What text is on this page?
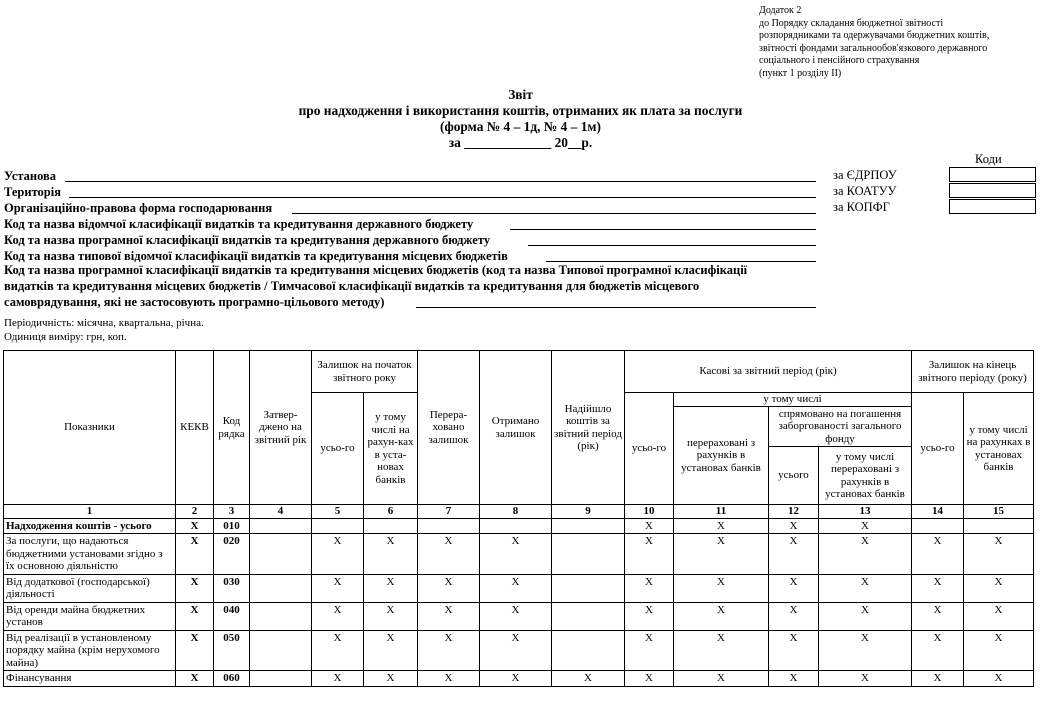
Додаток 2
до Порядку складання бюджетної звітності
розпорядниками та одержувачами бюджетних коштів,
звітності фондами загальнообов'язкового державного
соціального і пенсійного страхування
(пункт 1 розділу ІІ)
Звіт
про надходження і використання коштів, отриманих як плата за послуги
(форма № 4 – 1д, № 4 – 1м)
за _____________ 20__р.
Коди
Установа
Територія
Організаційно-правова форма господарювання
Код та назва відомчої класифікації видатків та кредитування державного бюджету
Код та назва програмної класифікації видатків та кредитування державного бюджету
Код та назва типової відомчої класифікації видатків та кредитування місцевих бюджетів
Код та назва програмної класифікації видатків та кредитування місцевих бюджетів (код та назва Типової програмної класифікації
видатків та кредитування місцевих бюджетів / Тимчасової класифікації видатків та кредитування для бюджетів місцевого
самоврядування, які не застосовують програмно-цільового методу)
за ЄДРПОУ
за КОАТУУ
за КОПФГ
Періодичність: місячна, квартальна, річна.
Одиниця виміру: грн, коп.
Показники	КЕКВ	Код рядка	Затвер-джено на звітний рік	Залишок на початок звітного року		Перера-ховано залишок	Отримано залишок	Надійшло коштів за звітний період (рік)	Касові за звітний період (рік)				Залишок на кінець звітного періоду (року)	
				усьо-го	у тому числі на рахун-ках в уста-новах банків				усьо-го	у тому числі			усьо-го	у тому числі на рахунках в установах банків
										перераховані з рахунків в установах банків	спрямовано на погашення заборгованості загального фонду			
											усього	у тому числі перераховані з рахунків в установах банків		
1	2	3	4	5	6	7	8	9	10	11	12	13	14	15
Надходження коштів - усього	X	010							X	X	X	X		
За послуги, що надаються бюджетними установами згідно з їх основною діяльністю	X	020		X	X	X	X		X	X	X	X	X	X
Від додаткової (господарської) діяльності	X	030		X	X	X	X		X	X	X	X	X	X
Від оренди майна бюджетних установ	X	040		X	X	X	X		X	X	X	X	X	X
Від реалізації в установленому порядку майна (крім нерухомого майна)	X	050		X	X	X	X		X	X	X	X	X	X
Фінансування	X	060		X	X	X	X	X	X	X	X	X	X	X
